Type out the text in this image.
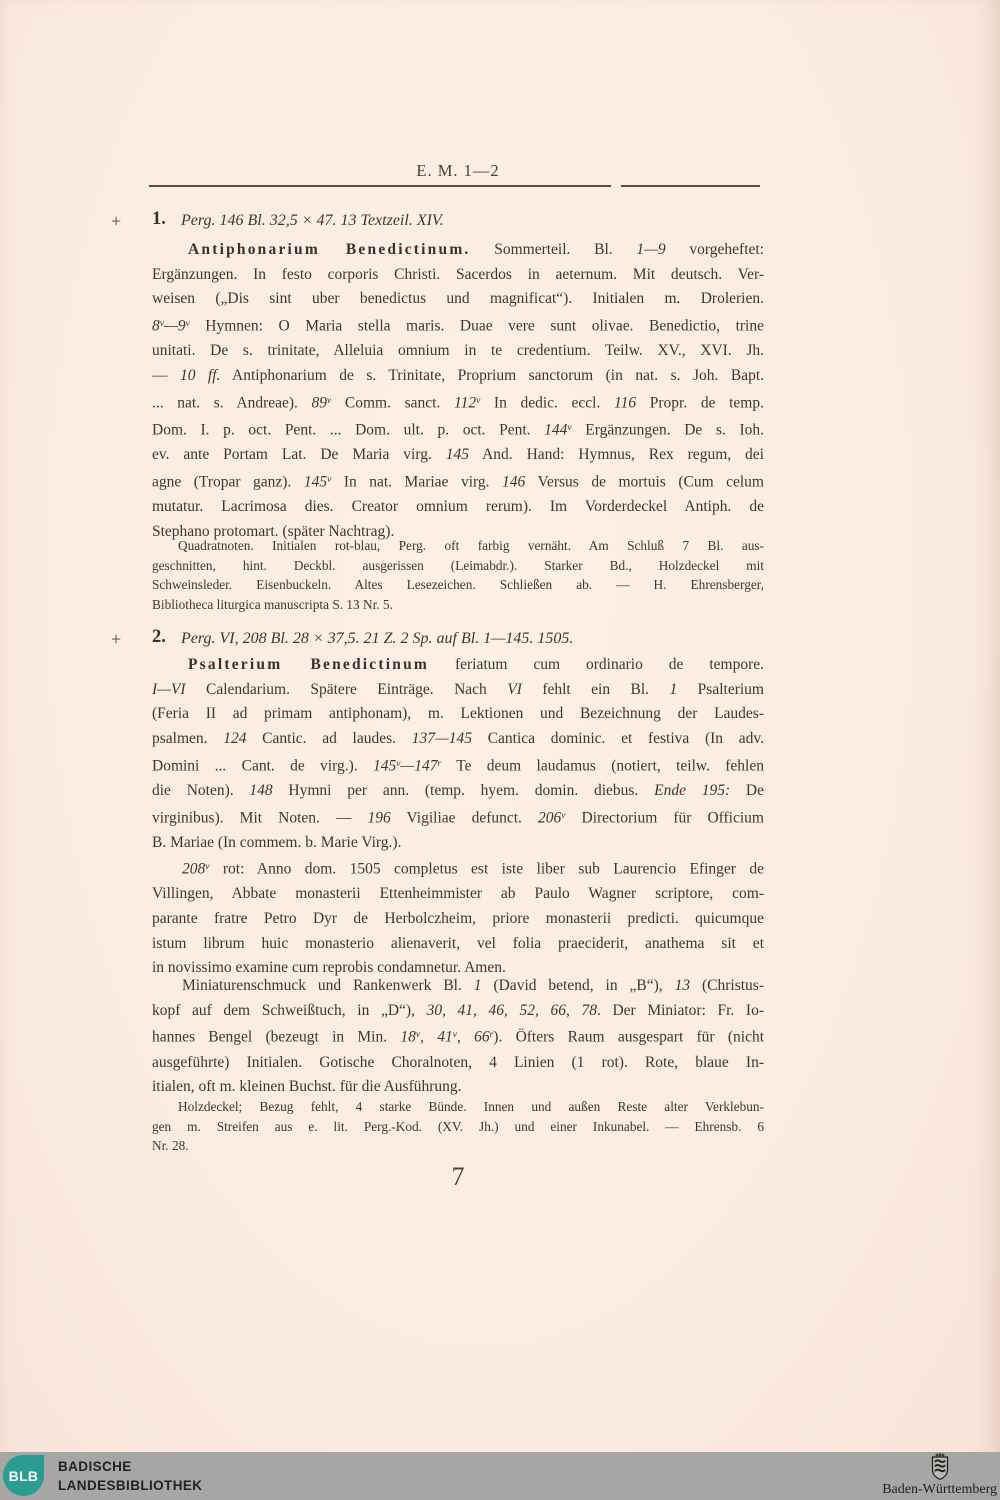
E. M. 1—2
+ 1. Perg. 146 Bl. 32,5 × 47. 13 Textzeil. XIV.
Antiphonarium Benedictinum. Sommerteil. Bl. 1—9 vorgeheftet:
Ergänzungen. In festo corporis Christi. Sacerdos in aeternum. Mit deutsch. Ver-
weisen („Dis sint uber benedictus und magnificat“). Initialen m. Drolerien.
8$^v$—9$^v$ Hymnen: O Maria stella maris. Duae vere sunt olivae. Benedictio, trine
unitati. De s. trinitate, Alleluia omnium in te credentium. Teilw. XV., XVI. Jh.
— 10 ff. Antiphonarium de s. Trinitate, Proprium sanctorum (in nat. s. Joh. Bapt.
... nat. s. Andreae). 89$^v$ Comm. sanct. 112$^v$ In dedic. eccl. 116 Propr. de temp.
Dom. I. p. oct. Pent. ... Dom. ult. p. oct. Pent. 144$^v$ Ergänzungen. De s. Ioh.
ev. ante Portam Lat. De Maria virg. 145 And. Hand: Hymnus, Rex regum, dei
agne (Tropar ganz). 145$^v$ In nat. Mariae virg. 146 Versus de mortuis (Cum celum
mutatur. Lacrimosa dies. Creator omnium rerum). Im Vorderdeckel Antiph. de
Stephano protomart. (später Nachtrag).
Quadratnoten. Initialen rot-blau, Perg. oft farbig vernäht. Am Schluß 7 Bl. aus-
geschnitten, hint. Deckbl. ausgerissen (Leimabdr.). Starker Bd., Holzdeckel mit
Schweinsleder. Eisenbuckeln. Altes Lesezeichen. Schließen ab. — H. Ehrensberger,
Bibliotheca liturgica manuscripta S. 13 Nr. 5.
+ 2. Perg. VI, 208 Bl. 28 × 37,5. 21 Z. 2 Sp. auf Bl. 1—145. 1505.
Psalterium Benedictinum feriatum cum ordinario de tempore.
I—VI Calendarium. Spätere Einträge. Nach VI fehlt ein Bl. 1 Psalterium
(Feria II ad primam antiphonam), m. Lektionen und Bezeichnung der Laudes-
psalmen. 124 Cantic. ad laudes. 137—145 Cantica dominic. et festiva (In adv.
Domini ... Cant. de virg.). 145$^v$—147$^r$ Te deum laudamus (notiert, teilw. fehlen
die Noten). 148 Hymni per ann. (temp. hyem. domin. diebus. Ende 195: De
virginibus). Mit Noten. — 196 Vigiliae defunct. 206$^v$ Directorium für Officium
B. Mariae (In commem. b. Marie Virg.).
208$^v$ rot: Anno dom. 1505 completus est iste liber sub Laurencio Efinger de
Villingen, Abbate monasterii Ettenheimmister ab Paulo Wagner scriptore, com-
parante fratre Petro Dyr de Herbolczheim, priore monasterii predicti. quicumque
istum librum huic monasterio alienaverit, vel folia praeciderit, anathema sit et
in novissimo examine cum reprobis condamnetur. Amen.
Miniaturenschmuck und Rankenwerk Bl. 1 (David betend, in „B“), 13 (Christus-
kopf auf dem Schweißtuch, in „D“), 30, 41, 46, 52, 66, 78. Der Miniator: Fr. Io-
hannes Bengel (bezeugt in Min. 18$^v$, 41$^v$, 66$^r$). Öfters Raum ausgespart für (nicht
ausgeführte) Initialen. Gotische Choralnoten, 4 Linien (1 rot). Rote, blaue In-
itialen, oft m. kleinen Buchst. für die Ausführung.
Holzdeckel; Bezug fehlt, 4 starke Bünde. Innen und außen Reste alter Verklebun-
gen m. Streifen aus e. lit. Perg.-Kod. (XV. Jh.) und einer Inkunabel. — Ehrensb. 6
Nr. 28.
7
BLB
BADISCHE
LANDESBIBLIOTHEK	Baden-Württemberg
